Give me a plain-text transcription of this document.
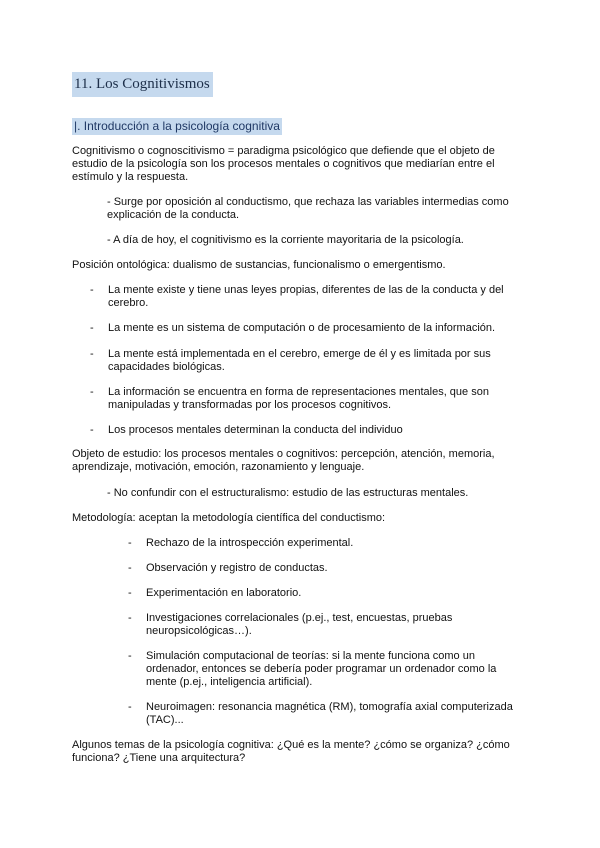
11. Los Cognitivismos
|. Introducción a la psicología cognitiva

Cognitivismo o cognoscitivismo = paradigma psicológico que defiende que el objeto de estudio de la psicología son los procesos mentales o cognitivos que mediarían entre el estímulo y la respuesta.

- Surge por oposición al conductismo, que rechaza las variables intermedias como explicación de la conducta.

- A día de hoy, el cognitivismo es la corriente mayoritaria de la psicología.

Posición ontológica: dualismo de sustancias, funcionalismo o emergentismo.

- La mente existe y tiene unas leyes propias, diferentes de las de la conducta y del cerebro.

- La mente es un sistema de computación o de procesamiento de la información.

- La mente está implementada en el cerebro, emerge de él y es limitada por sus capacidades biológicas.

- La información se encuentra en forma de representaciones mentales, que son manipuladas y transformadas por los procesos cognitivos.

- Los procesos mentales determinan la conducta del individuo

Objeto de estudio: los procesos mentales o cognitivos: percepción, atención, memoria, aprendizaje, motivación, emoción, razonamiento y lenguaje.

- No confundir con el estructuralismo: estudio de las estructuras mentales.

Metodología: aceptan la metodología científica del conductismo:

- Rechazo de la introspección experimental.

- Observación y registro de conductas.

- Experimentación en laboratorio.

- Investigaciones correlacionales (p.ej., test, encuestas, pruebas neuropsicológicas…).

- Simulación computacional de teorías: si la mente funciona como un ordenador, entonces se debería poder programar un ordenador como la mente (p.ej., inteligencia artificial).

- Neuroimagen: resonancia magnética (RM), tomografía axial computerizada (TAC)...

Algunos temas de la psicología cognitiva: ¿Qué es la mente? ¿cómo se organiza? ¿cómo funciona? ¿Tiene una arquitectura?
